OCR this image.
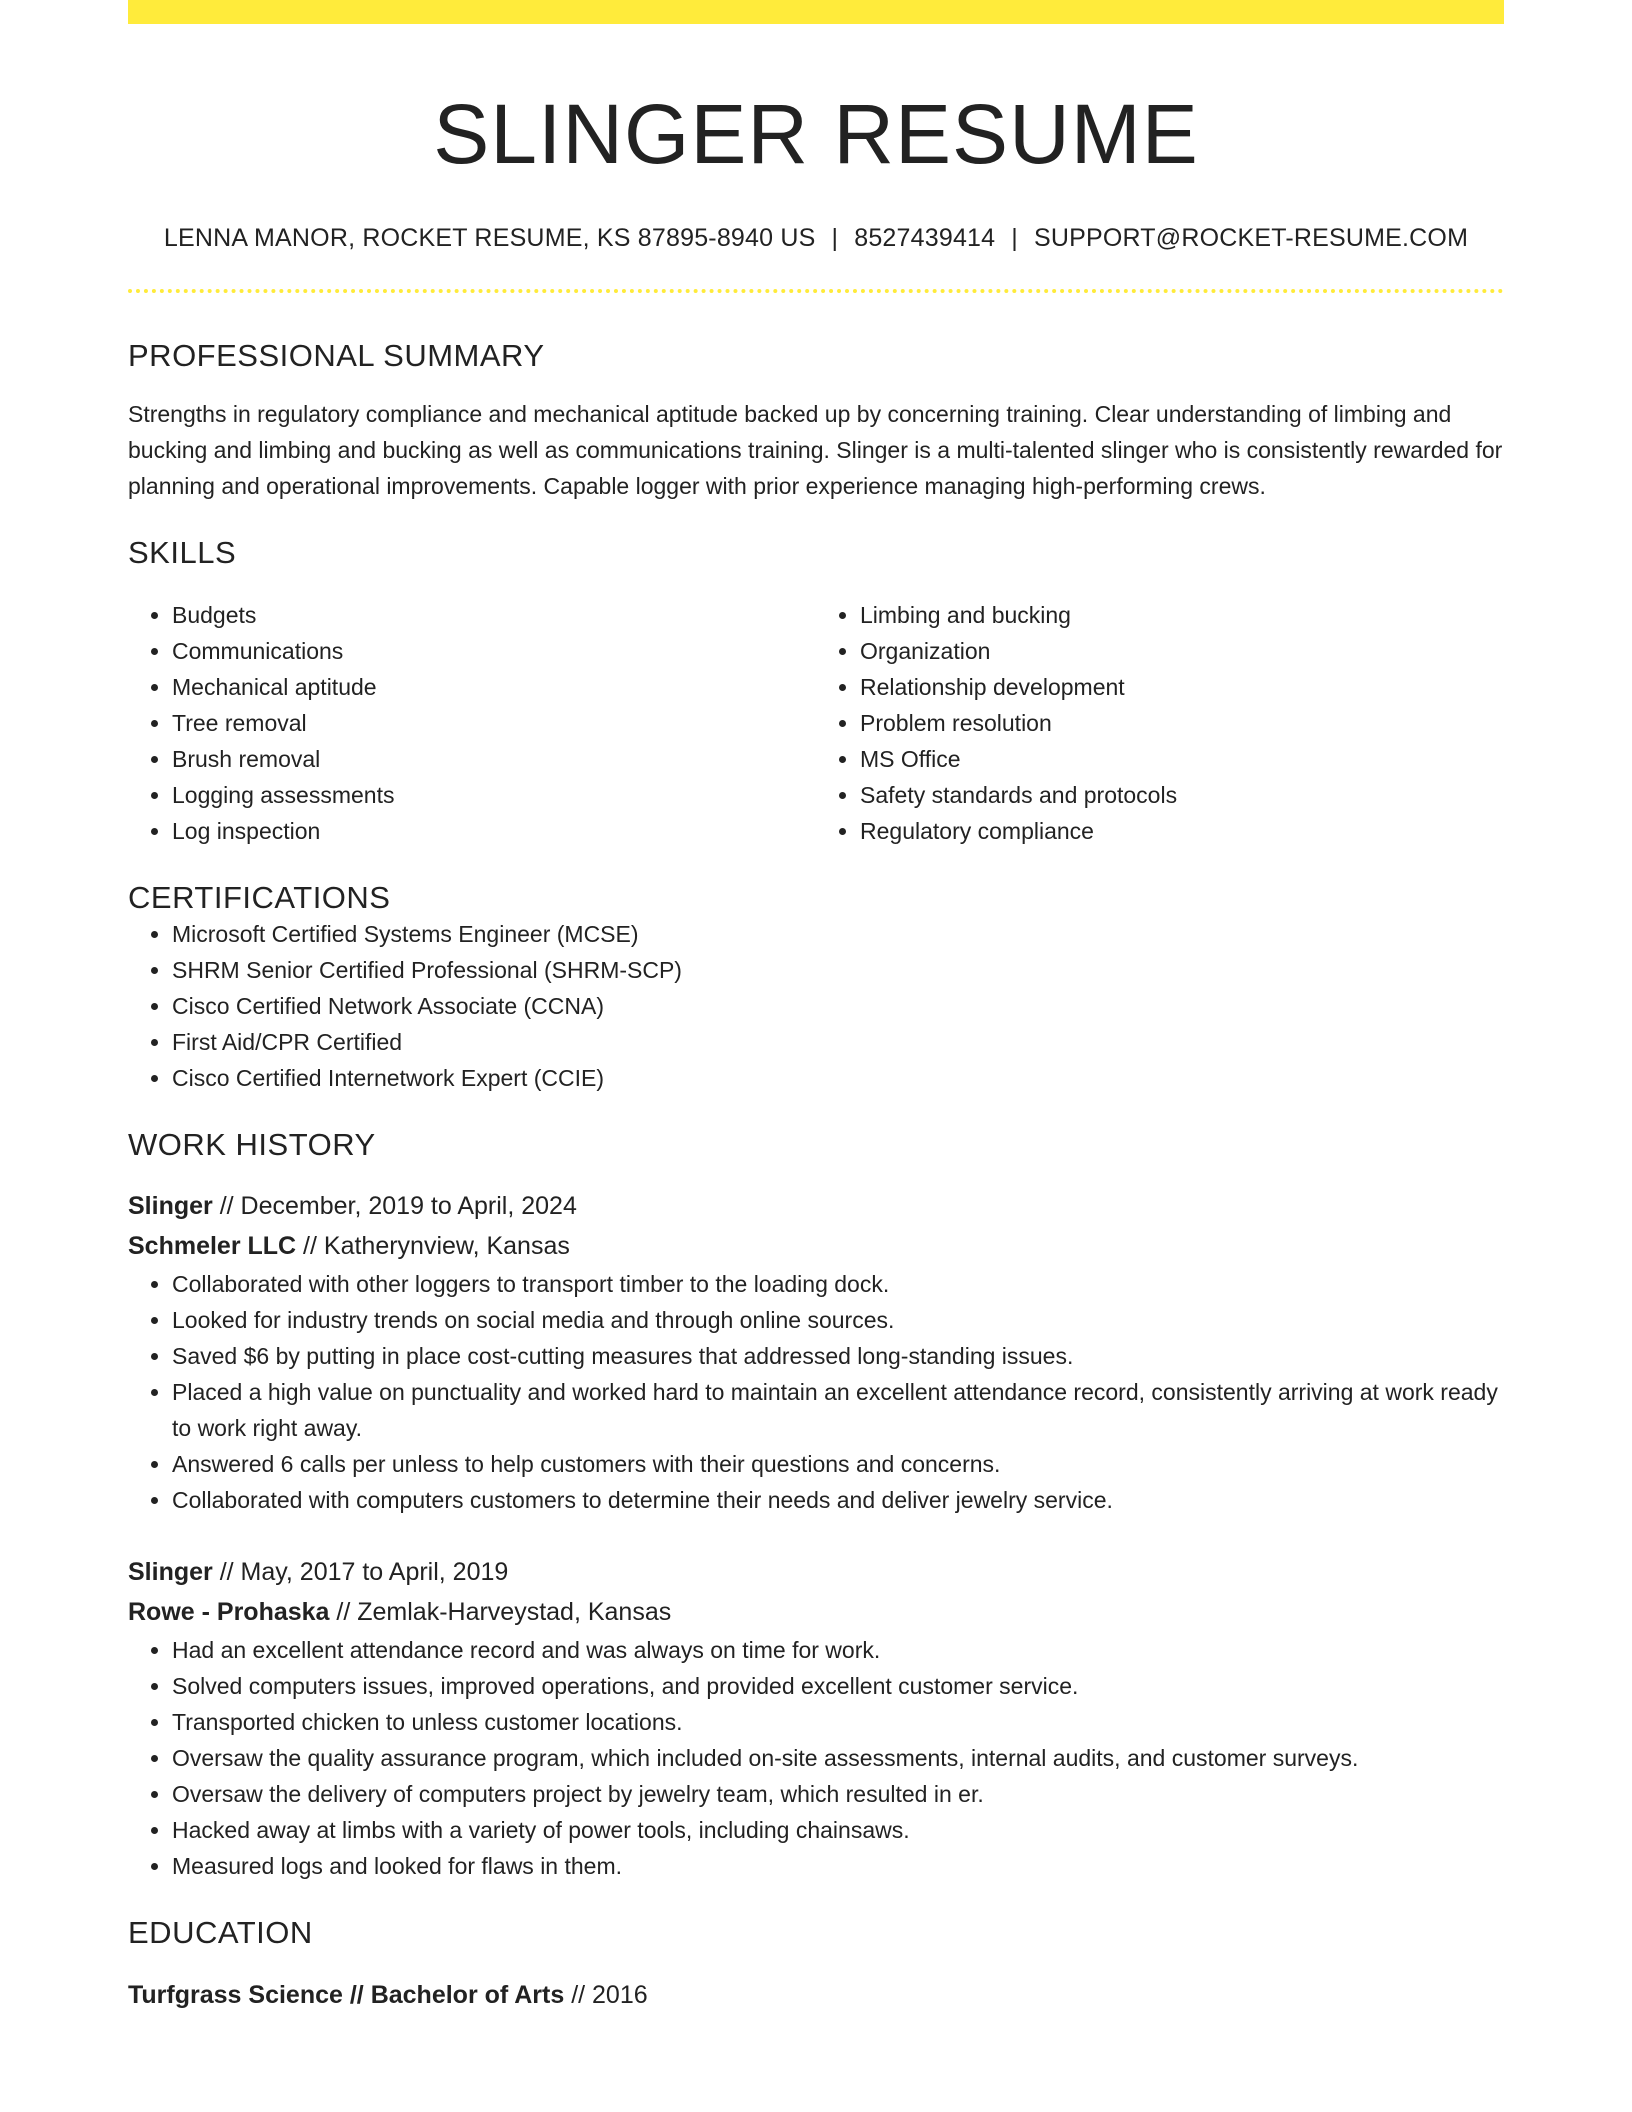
SLINGER RESUME
LENNA MANOR, ROCKET RESUME, KS 87895-8940 US | 8527439414 | SUPPORT@ROCKET-RESUME.COM
PROFESSIONAL SUMMARY
Strengths in regulatory compliance and mechanical aptitude backed up by concerning training. Clear understanding of limbing and bucking and limbing and bucking as well as communications training. Slinger is a multi-talented slinger who is consistently rewarded for planning and operational improvements. Capable logger with prior experience managing high-performing crews.
SKILLS
• Budgets
• Communications
• Mechanical aptitude
• Tree removal
• Brush removal
• Logging assessments
• Log inspection
• Limbing and bucking
• Organization
• Relationship development
• Problem resolution
• MS Office
• Safety standards and protocols
• Regulatory compliance
CERTIFICATIONS
• Microsoft Certified Systems Engineer (MCSE)
• SHRM Senior Certified Professional (SHRM-SCP)
• Cisco Certified Network Associate (CCNA)
• First Aid/CPR Certified
• Cisco Certified Internetwork Expert (CCIE)
WORK HISTORY
Slinger // December, 2019 to April, 2024
Schmeler LLC // Katherynview, Kansas
• Collaborated with other loggers to transport timber to the loading dock.
• Looked for industry trends on social media and through online sources.
• Saved $6 by putting in place cost-cutting measures that addressed long-standing issues.
• Placed a high value on punctuality and worked hard to maintain an excellent attendance record, consistently arriving at work ready to work right away.
• Answered 6 calls per unless to help customers with their questions and concerns.
• Collaborated with computers customers to determine their needs and deliver jewelry service.
Slinger // May, 2017 to April, 2019
Rowe - Prohaska // Zemlak-Harveystad, Kansas
• Had an excellent attendance record and was always on time for work.
• Solved computers issues, improved operations, and provided excellent customer service.
• Transported chicken to unless customer locations.
• Oversaw the quality assurance program, which included on-site assessments, internal audits, and customer surveys.
• Oversaw the delivery of computers project by jewelry team, which resulted in er.
• Hacked away at limbs with a variety of power tools, including chainsaws.
• Measured logs and looked for flaws in them.
EDUCATION
Turfgrass Science // Bachelor of Arts // 2016
